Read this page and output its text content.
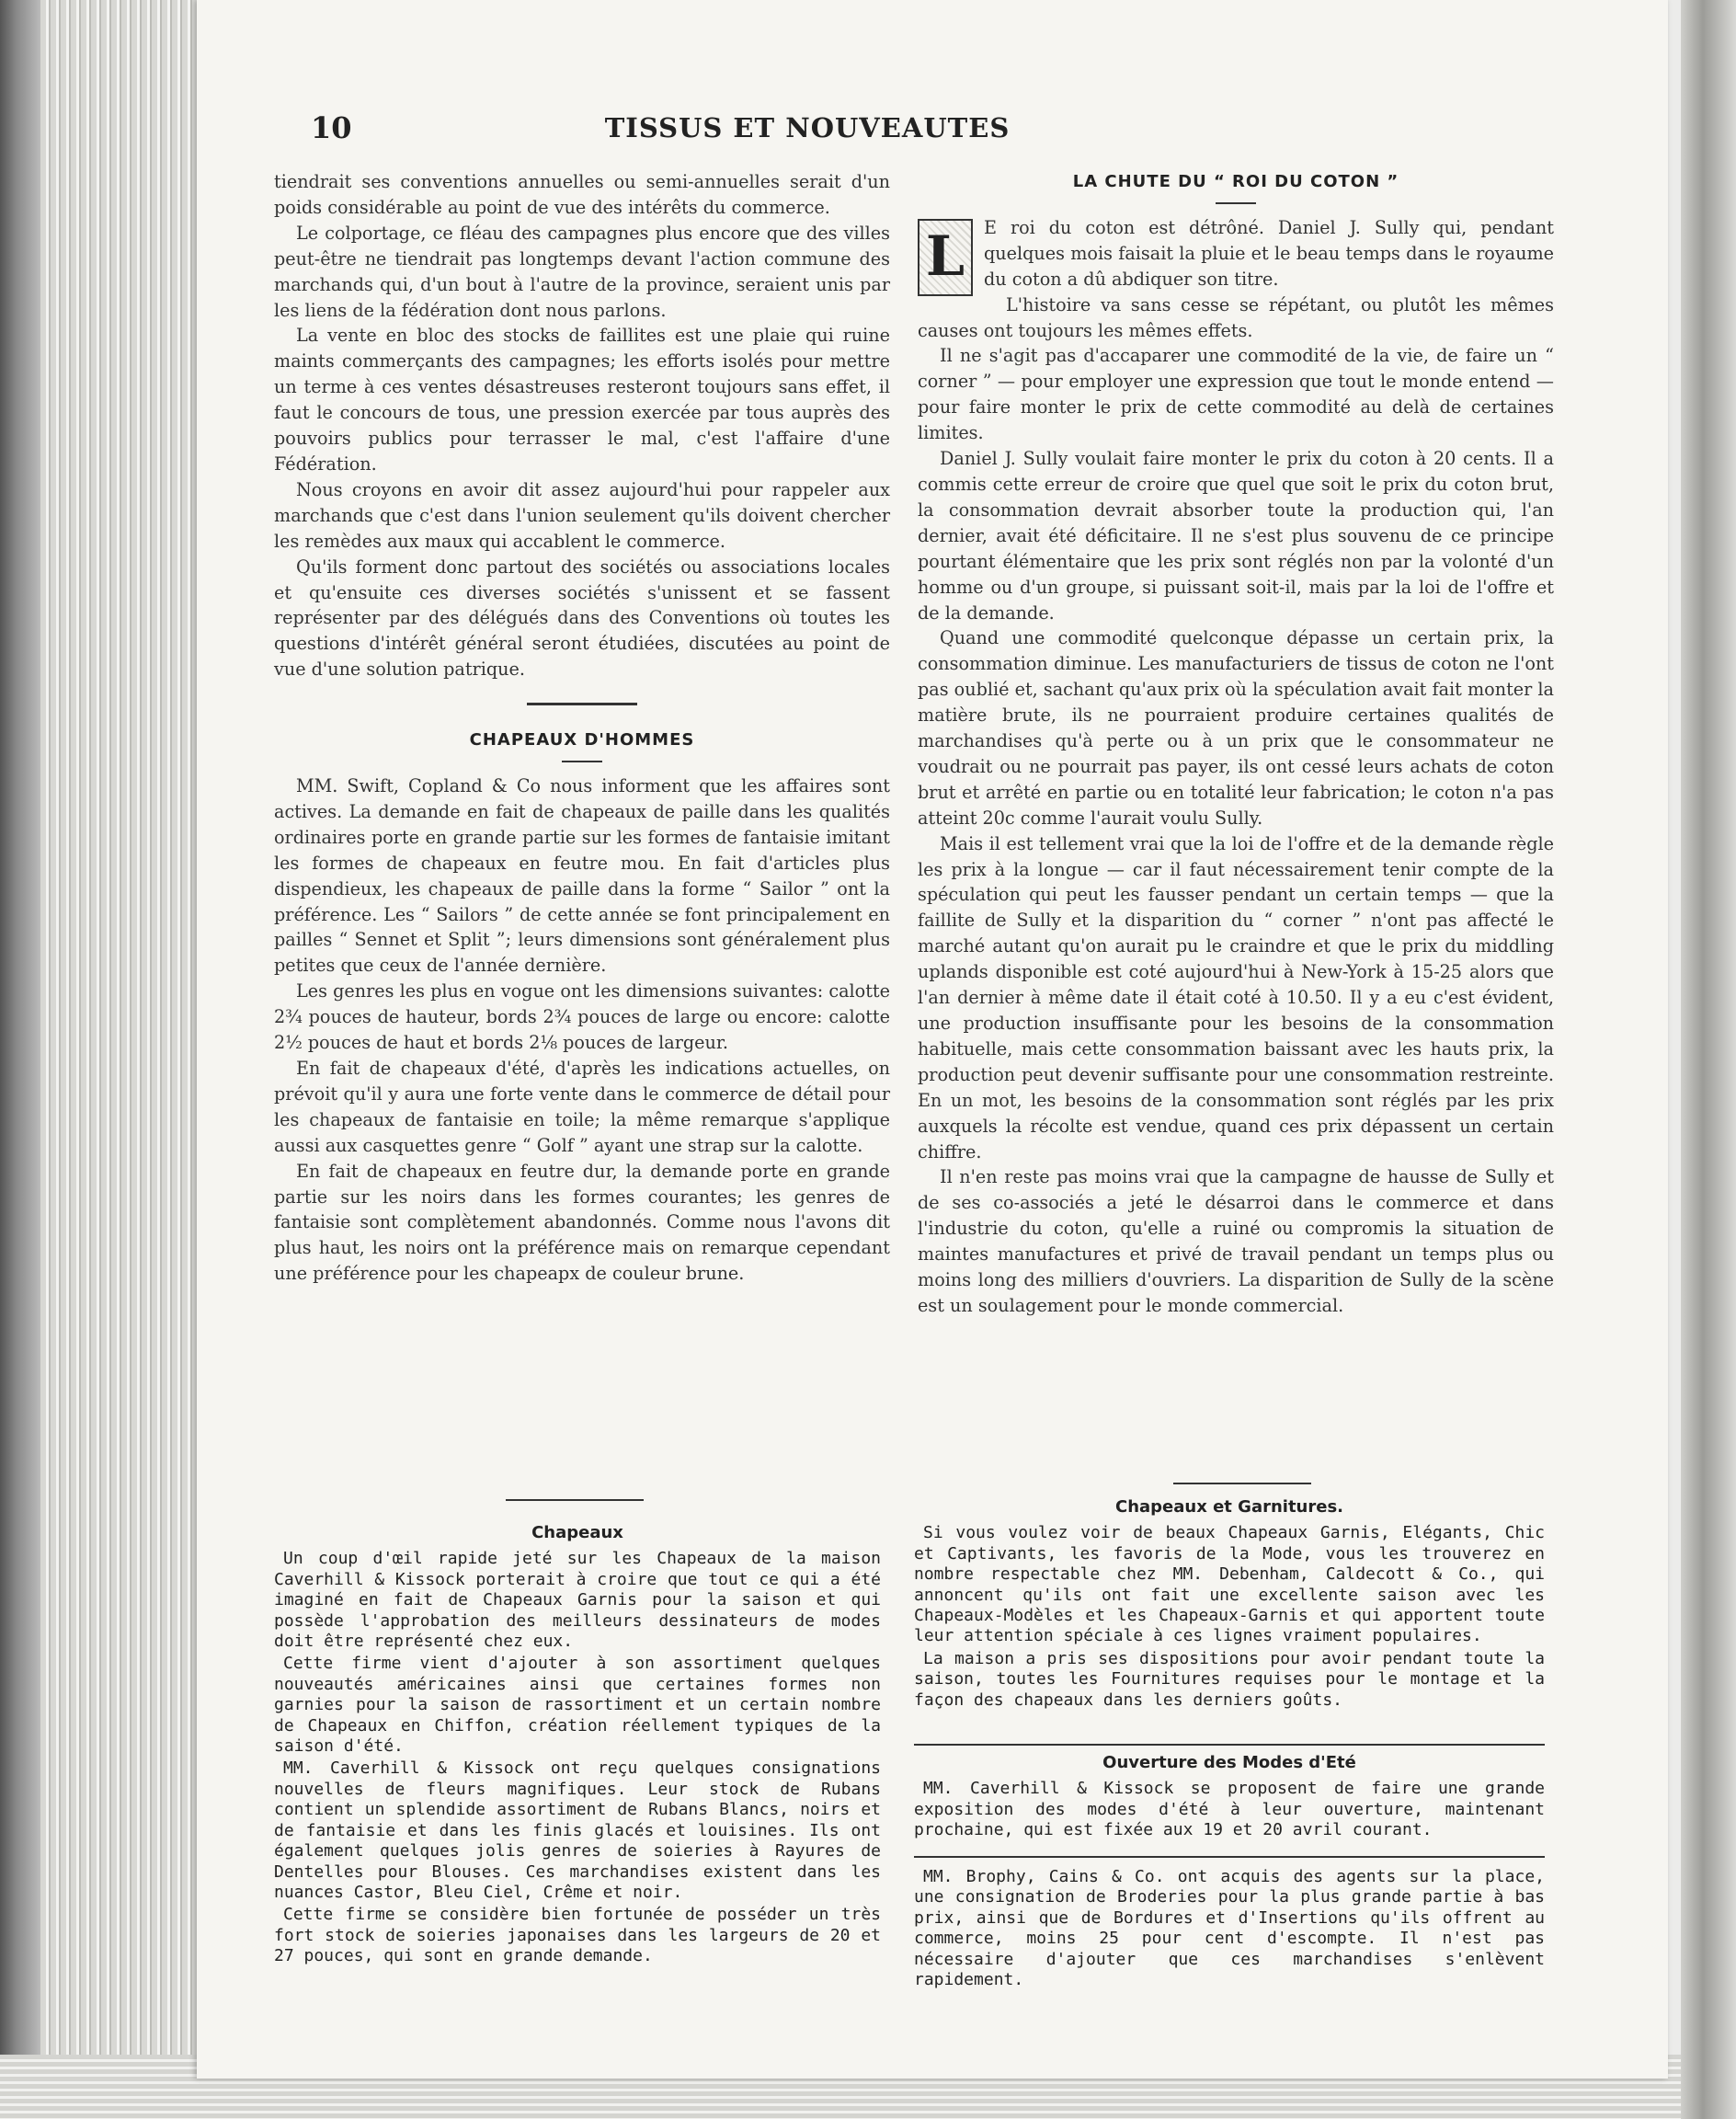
10	TISSUS ET NOUVEAUTES

tiendrait ses conventions annuelles ou semi-annuelles serait d'un poids considérable au point de vue des intérêts du commerce.

Le colportage, ce fléau des campagnes plus encore que des villes peut-être ne tiendrait pas longtemps devant l'action commune des marchands qui, d'un bout à l'autre de la province, seraient unis par les liens de la fédération dont nous parlons.

La vente en bloc des stocks de faillites est une plaie qui ruine maints commerçants des campagnes; les efforts isolés pour mettre un terme à ces ventes désastreuses resteront toujours sans effet, il faut le concours de tous, une pression exercée par tous auprès des pouvoirs publics pour terrasser le mal, c'est l'affaire d'une Fédération.

Nous croyons en avoir dit assez aujourd'hui pour rappeler aux marchands que c'est dans l'union seulement qu'ils doivent chercher les remèdes aux maux qui accablent le commerce.

Qu'ils forment donc partout des sociétés ou associations locales et qu'ensuite ces diverses sociétés s'unissent et se fassent représenter par des délégués dans des Conventions où toutes les questions d'intérêt général seront étudiées, discutées au point de vue d'une solution patrique.

CHAPEAUX D'HOMMES

MM. Swift, Copland & Co nous informent que les affaires sont actives. La demande en fait de chapeaux de paille dans les qualités ordinaires porte en grande partie sur les formes de fantaisie imitant les formes de chapeaux en feutre mou. En fait d'articles plus dispendieux, les chapeaux de paille dans la forme “ Sailor ” ont la préférence. Les “ Sailors ” de cette année se font principalement en pailles “ Sennet et Split ”; leurs dimensions sont généralement plus petites que ceux de l'année dernière.

Les genres les plus en vogue ont les dimensions suivantes: calotte 2¾ pouces de hauteur, bords 2¾ pouces de large ou encore: calotte 2½ pouces de haut et bords 2⅛ pouces de largeur.

En fait de chapeaux d'été, d'après les indications actuelles, on prévoit qu'il y aura une forte vente dans le commerce de détail pour les chapeaux de fantaisie en toile; la même remarque s'applique aussi aux casquettes genre “ Golf ” ayant une strap sur la calotte.

En fait de chapeaux en feutre dur, la demande porte en grande partie sur les noirs dans les formes courantes; les genres de fantaisie sont complètement abandonnés. Comme nous l'avons dit plus haut, les noirs ont la préférence mais on remarque cependant une préférence pour les chapeapx de couleur brune.

LA CHUTE DU “ ROI DU COTON ”

L	E roi du coton est détrôné. Daniel J. Sully qui, pendant quelques mois faisait la pluie et le beau temps dans le royaume du coton a dû abdiquer son titre.

L'histoire va sans cesse se répétant, ou plutôt les mêmes causes ont toujours les mêmes effets.

Il ne s'agit pas d'accaparer une commodité de la vie, de faire un “ corner ” — pour employer une expression que tout le monde entend — pour faire monter le prix de cette commodité au delà de certaines limites.

Daniel J. Sully voulait faire monter le prix du coton à 20 cents. Il a commis cette erreur de croire que quel que soit le prix du coton brut, la consommation devrait absorber toute la production qui, l'an dernier, avait été déficitaire. Il ne s'est plus souvenu de ce principe pourtant élémentaire que les prix sont réglés non par la volonté d'un homme ou d'un groupe, si puissant soit-il, mais par la loi de l'offre et de la demande.

Quand une commodité quelconque dépasse un certain prix, la consommation diminue. Les manufacturiers de tissus de coton ne l'ont pas oublié et, sachant qu'aux prix où la spéculation avait fait monter la matière brute, ils ne pourraient produire certaines qualités de marchandises qu'à perte ou à un prix que le consommateur ne voudrait ou ne pourrait pas payer, ils ont cessé leurs achats de coton brut et arrêté en partie ou en totalité leur fabrication; le coton n'a pas atteint 20c comme l'aurait voulu Sully.

Mais il est tellement vrai que la loi de l'offre et de la demande règle les prix à la longue — car il faut nécessairement tenir compte de la spéculation qui peut les fausser pendant un certain temps — que la faillite de Sully et la disparition du “ corner ” n'ont pas affecté le marché autant qu'on aurait pu le craindre et que le prix du middling uplands disponible est coté aujourd'hui à New-York à 15-25 alors que l'an dernier à même date il était coté à 10.50. Il y a eu c'est évident, une production insuffisante pour les besoins de la consommation habituelle, mais cette consommation baissant avec les hauts prix, la production peut devenir suffisante pour une consommation restreinte. En un mot, les besoins de la consommation sont réglés par les prix auxquels la récolte est vendue, quand ces prix dépassent un certain chiffre.

Il n'en reste pas moins vrai que la campagne de hausse de Sully et de ses co-associés a jeté le désarroi dans le commerce et dans l'industrie du coton, qu'elle a ruiné ou compromis la situation de maintes manufactures et privé de travail pendant un temps plus ou moins long des milliers d'ouvriers. La disparition de Sully de la scène est un soulagement pour le monde commercial.

Chapeaux

Un coup d'œil rapide jeté sur les Chapeaux de la maison Caverhill & Kissock porterait à croire que tout ce qui a été imaginé en fait de Chapeaux Garnis pour la saison et qui possède l'approbation des meilleurs dessinateurs de modes doit être représenté chez eux.

Cette firme vient d'ajouter à son assortiment quelques nouveautés américaines ainsi que certaines formes non garnies pour la saison de rassortiment et un certain nombre de Chapeaux en Chiffon, création réellement typiques de la saison d'été.

MM. Caverhill & Kissock ont reçu quelques consignations nouvelles de fleurs magnifiques. Leur stock de Rubans contient un splendide assortiment de Rubans Blancs, noirs et de fantaisie et dans les finis glacés et louisines. Ils ont également quelques jolis genres de soieries à Rayures de Dentelles pour Blouses. Ces marchandises existent dans les nuances Castor, Bleu Ciel, Crême et noir.

Cette firme se considère bien fortunée de posséder un très fort stock de soieries japonaises dans les largeurs de 20 et 27 pouces, qui sont en grande demande.

Chapeaux et Garnitures.

Si vous voulez voir de beaux Chapeaux Garnis, Elégants, Chic et Captivants, les favoris de la Mode, vous les trouverez en nombre respectable chez MM. Debenham, Caldecott & Co., qui annoncent qu'ils ont fait une excellente saison avec les Chapeaux-Modèles et les Chapeaux-Garnis et qui apportent toute leur attention spéciale à ces lignes vraiment populaires.

La maison a pris ses dispositions pour avoir pendant toute la saison, toutes les Fournitures requises pour le montage et la façon des chapeaux dans les derniers goûts.

Ouverture des Modes d'Eté

MM. Caverhill & Kissock se proposent de faire une grande exposition des modes d'été à leur ouverture, maintenant prochaine, qui est fixée aux 19 et 20 avril courant.

MM. Brophy, Cains & Co. ont acquis des agents sur la place, une consignation de Broderies pour la plus grande partie à bas prix, ainsi que de Bordures et d'Insertions qu'ils offrent au commerce, moins 25 pour cent d'escompte. Il n'est pas nécessaire d'ajouter que ces marchandises s'enlèvent rapidement.
